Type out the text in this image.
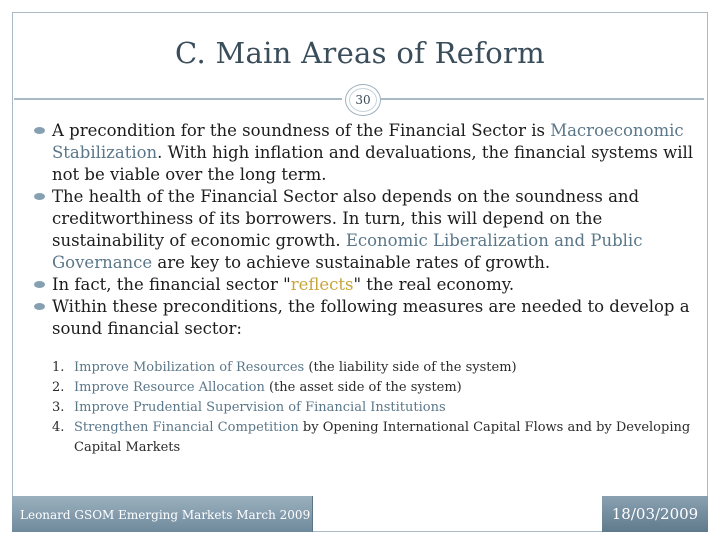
C. Main Areas of Reform
30
A precondition for the soundness of the Financial Sector is Macroeconomic Stabilization. With high inflation and devaluations, the financial systems will not be viable over the long term.
The health of the Financial Sector also depends on the soundness and creditworthiness of its borrowers. In turn, this will depend on the sustainability of economic growth. Economic Liberalization and Public Governance are key to achieve sustainable rates of growth.
In fact, the financial sector "reflects" the real economy.
Within these preconditions, the following measures are needed to develop a sound financial sector:
1. Improve Mobilization of Resources (the liability side of the system)
2. Improve Resource Allocation (the asset side of the system)
3. Improve Prudential Supervision of Financial Institutions
4. Strengthen Financial Competition by Opening International Capital Flows and by Developing Capital Markets
Leonard GSOM Emerging Markets March 2009	18/03/2009
